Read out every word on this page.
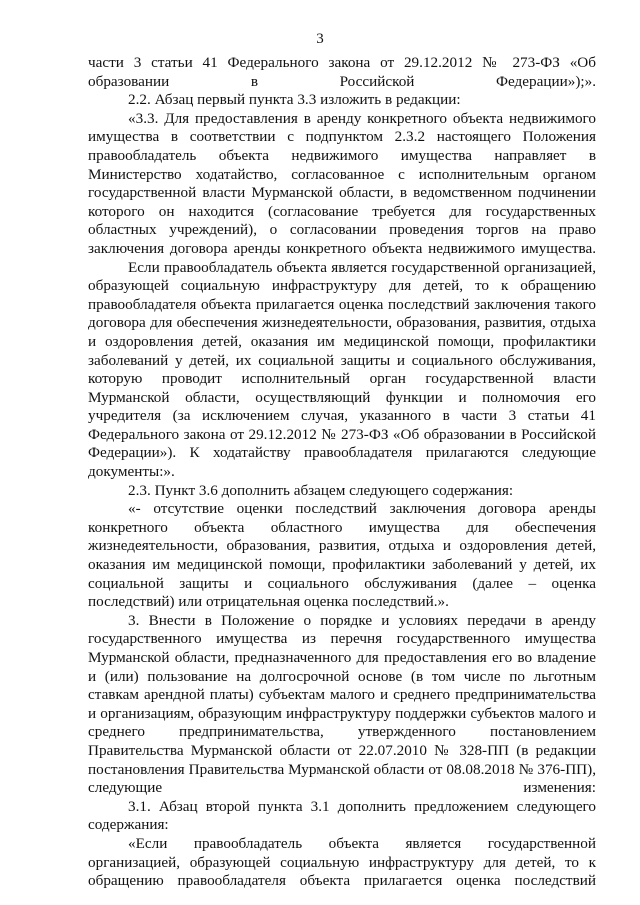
3

части 3 статьи 41 Федерального закона от 29.12.2012 № 273-ФЗ «Об образовании в Российской Федерации»);».

2.2. Абзац первый пункта 3.3 изложить в редакции:

«3.3. Для предоставления в аренду конкретного объекта недвижимого имущества в соответствии с подпунктом 2.3.2 настоящего Положения правообладатель объекта недвижимого имущества направляет в Министерство ходатайство, согласованное с исполнительным органом государственной власти Мурманской области, в ведомственном подчинении которого он находится (согласование требуется для государственных областных учреждений), о согласовании проведения торгов на право заключения договора аренды конкретного объекта недвижимого имущества.

Если правообладатель объекта является государственной организацией, образующей социальную инфраструктуру для детей, то к обращению правообладателя объекта прилагается оценка последствий заключения такого договора для обеспечения жизнедеятельности, образования, развития, отдыха и оздоровления детей, оказания им медицинской помощи, профилактики заболеваний у детей, их социальной защиты и социального обслуживания, которую проводит исполнительный орган государственной власти Мурманской области, осуществляющий функции и полномочия его учредителя (за исключением случая, указанного в части 3 статьи 41 Федерального закона от 29.12.2012 № 273-ФЗ «Об образовании в Российской Федерации»). К ходатайству правообладателя прилагаются следующие документы:».

2.3. Пункт 3.6 дополнить абзацем следующего содержания:

«- отсутствие оценки последствий заключения договора аренды конкретного объекта областного имущества для обеспечения жизнедеятельности, образования, развития, отдыха и оздоровления детей, оказания им медицинской помощи, профилактики заболеваний у детей, их социальной защиты и социального обслуживания (далее – оценка последствий) или отрицательная оценка последствий.».

3. Внести в Положение о порядке и условиях передачи в аренду государственного имущества из перечня государственного имущества Мурманской области, предназначенного для предоставления его во владение и (или) пользование на долгосрочной основе (в том числе по льготным ставкам арендной платы) субъектам малого и среднего предпринимательства и организациям, образующим инфраструктуру поддержки субъектов малого и среднего предпринимательства, утвержденного постановлением Правительства Мурманской области от 22.07.2010 № 328-ПП (в редакции постановления Правительства Мурманской области от 08.08.2018 № 376-ПП), следующие изменения:

3.1. Абзац второй пункта 3.1 дополнить предложением следующего содержания:

«Если правообладатель объекта является государственной организацией, образующей социальную инфраструктуру для детей, то к обращению правообладателя объекта прилагается оценка последствий
